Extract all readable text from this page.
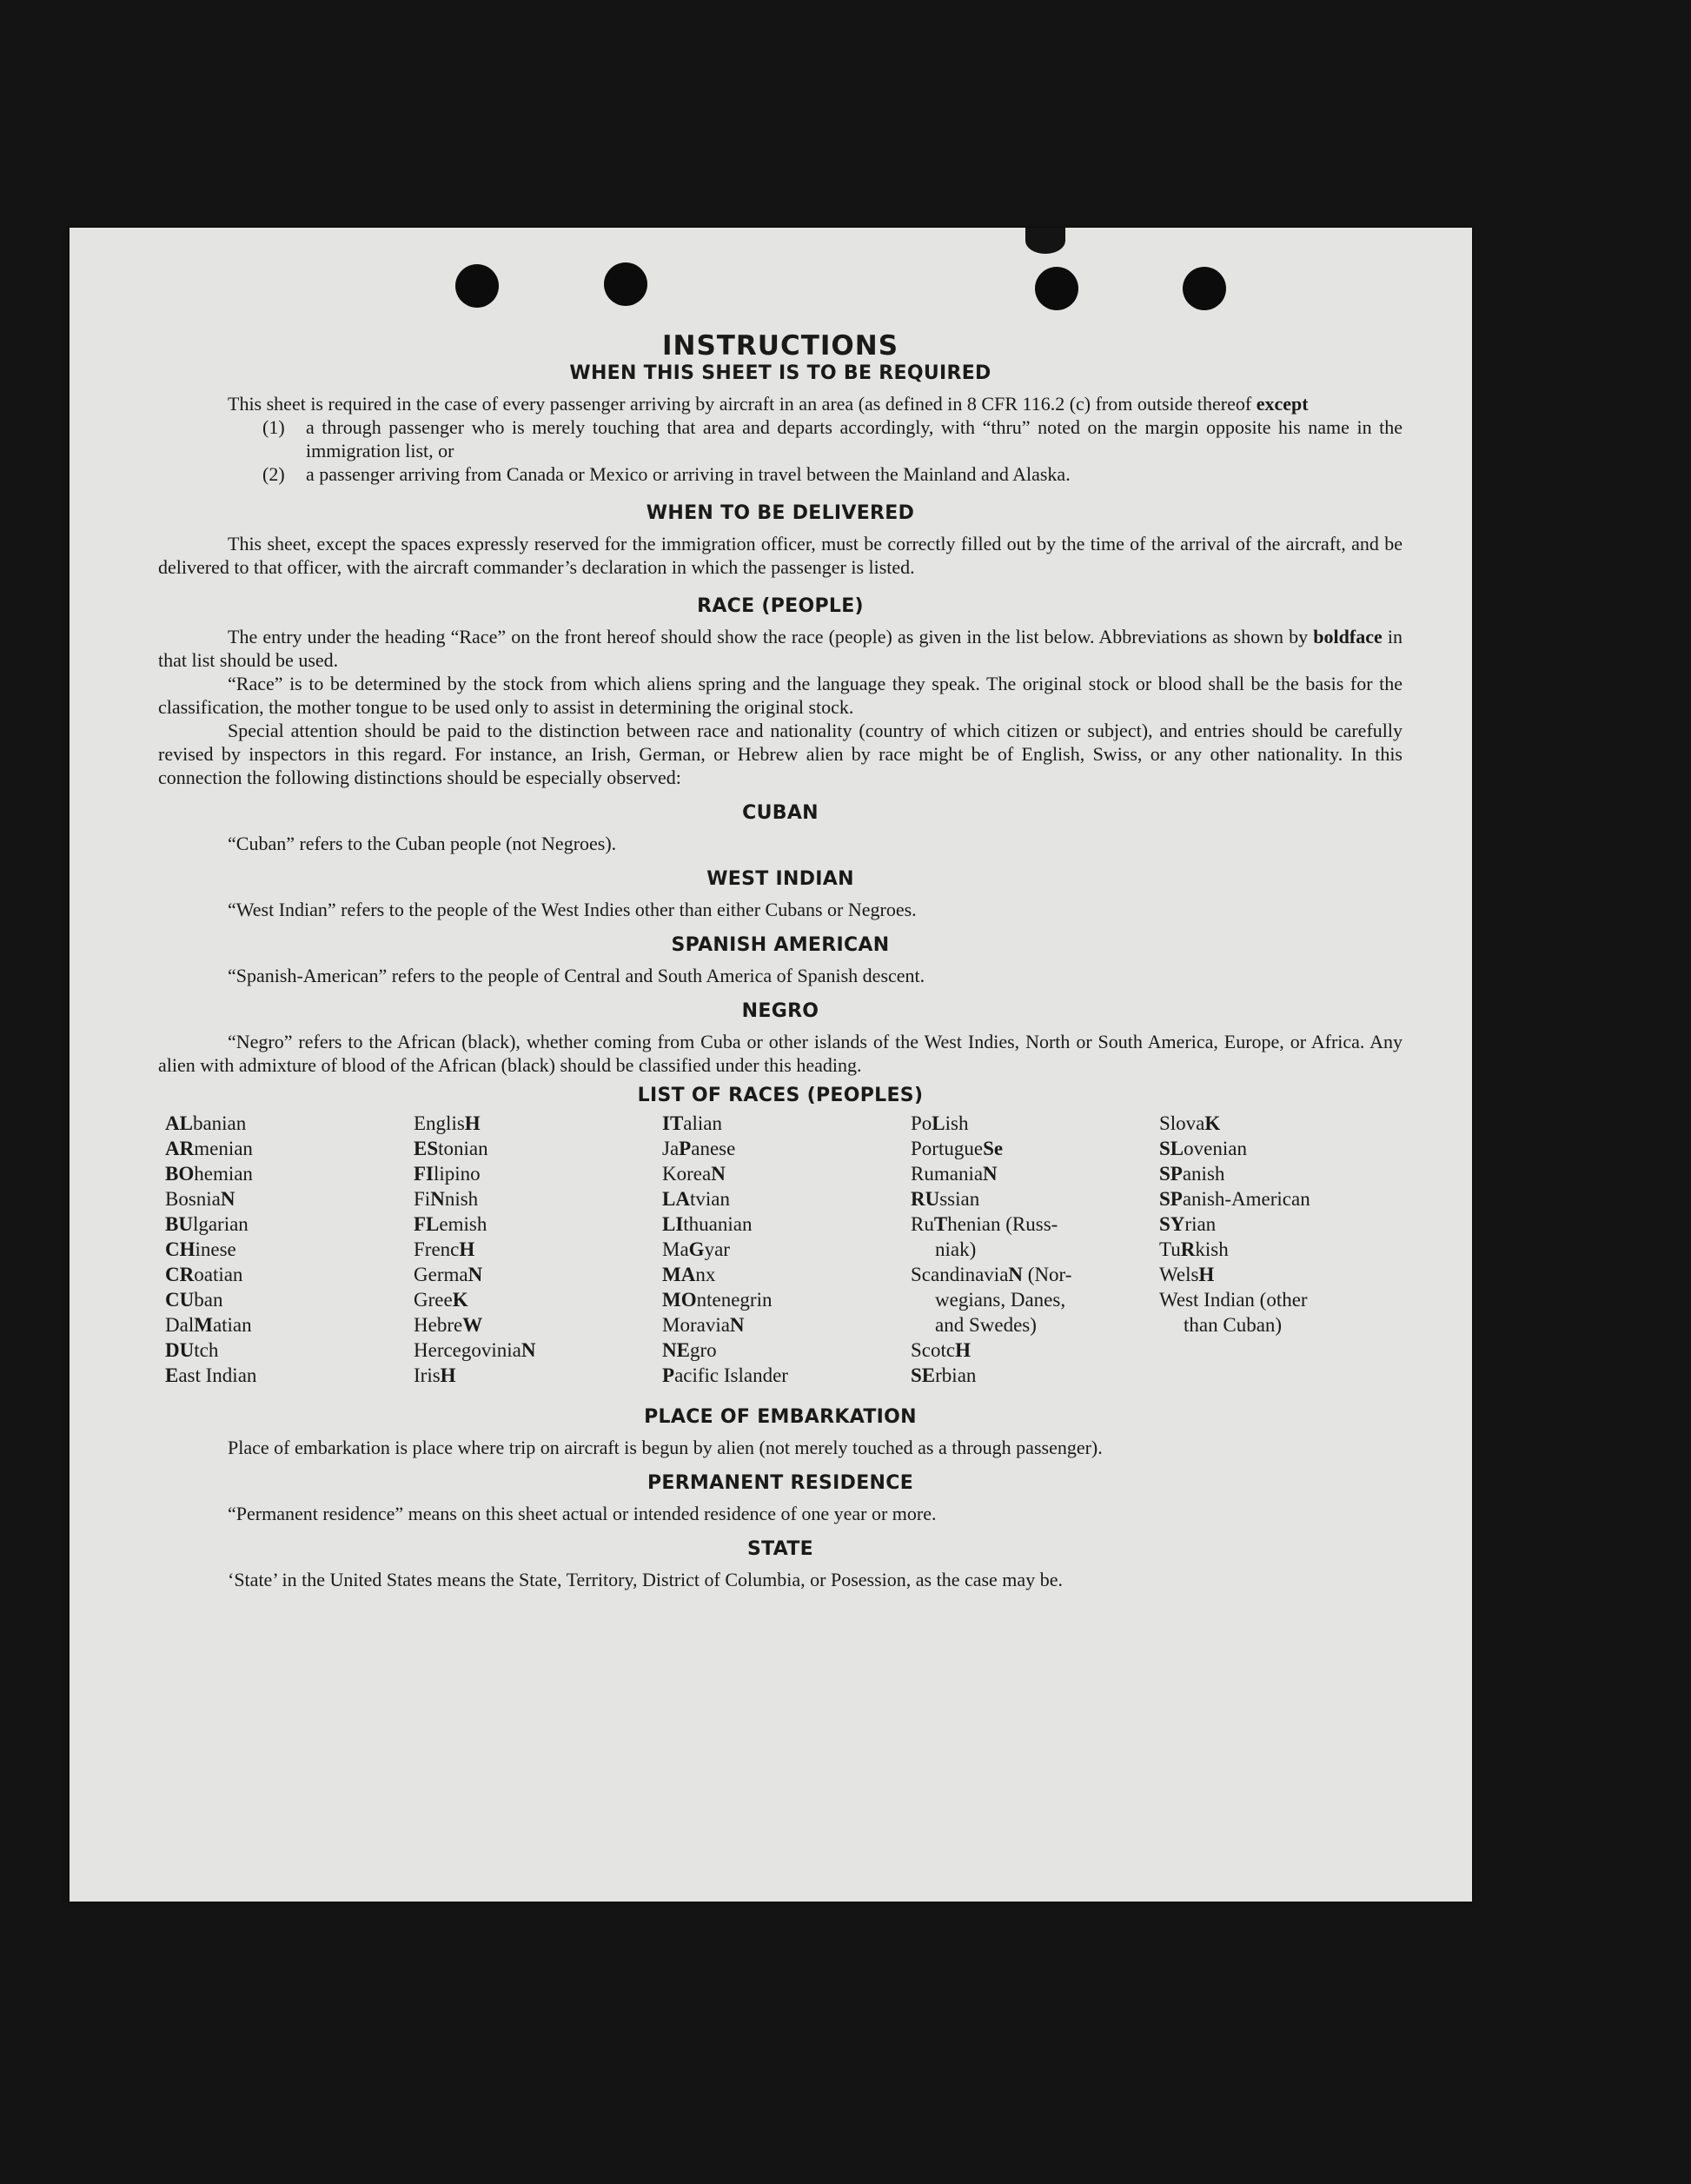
INSTRUCTIONS
WHEN THIS SHEET IS TO BE REQUIRED

This sheet is required in the case of every passenger arriving by aircraft in an area (as defined in 8 CFR 116.2 (c) from outside thereof except

(1)	a through passenger who is merely touching that area and departs accordingly, with “thru” noted on the margin opposite his name in the immigration list, or
(2)	a passenger arriving from Canada or Mexico or arriving in travel between the Mainland and Alaska.
WHEN TO BE DELIVERED

This sheet, except the spaces expressly reserved for the immigration officer, must be correctly filled out by the time of the arrival of the aircraft, and be delivered to that officer, with the aircraft commander’s declaration in which the passenger is listed.

RACE (PEOPLE)

The entry under the heading “Race” on the front hereof should show the race (people) as given in the list below. Abbreviations as shown by boldface in that list should be used.

“Race” is to be determined by the stock from which aliens spring and the language they speak. The original stock or blood shall be the basis for the classification, the mother tongue to be used only to assist in determining the original stock.

Special attention should be paid to the distinction between race and nationality (country of which citizen or subject), and entries should be carefully revised by inspectors in this regard. For instance, an Irish, German, or Hebrew alien by race might be of English, Swiss, or any other nationality. In this connection the following distinctions should be especially observed:

CUBAN

“Cuban” refers to the Cuban people (not Negroes).

WEST INDIAN

“West Indian” refers to the people of the West Indies other than either Cubans or Negroes.

SPANISH AMERICAN

“Spanish-American” refers to the people of Central and South America of Spanish descent.

NEGRO

“Negro” refers to the African (black), whether coming from Cuba or other islands of the West Indies, North or South America, Europe, or Africa. Any alien with admixture of blood of the African (black) should be classified under this heading.

LIST OF RACES (PEOPLES)
ALbanian
ARmenian
BOhemian
BosniaN
BUlgarian
CHinese
CRoatian
CUban
DalMatian
DUtch
East Indian
EnglisH
EStonian
FIlipino
FiNnish
FLemish
FrencH
GermaN
GreeK
HebreW
HercegoviniaN
IrisH
ITalian
JaPanese
KoreaN
LAtvian
LIthuanian
MaGyar
MAnx
MOntenegrin
MoraviaN
NEgro
Pacific Islander
PoLish
PortugueSe
RumaniaN
RUssian
RuThenian (Russ-
niak)
ScandinaviaN (Nor-
wegians, Danes,
and Swedes)
ScotcH
SErbian
SlovaK
SLovenian
SPanish
SPanish-American
SYrian
TuRkish
WelsH
West Indian (other
than Cuban)
PLACE OF EMBARKATION

Place of embarkation is place where trip on aircraft is begun by alien (not merely touched as a through passenger).

PERMANENT RESIDENCE

“Permanent residence” means on this sheet actual or intended residence of one year or more.

STATE

‘State’ in the United States means the State, Territory, District of Columbia, or Posession, as the case may be.
